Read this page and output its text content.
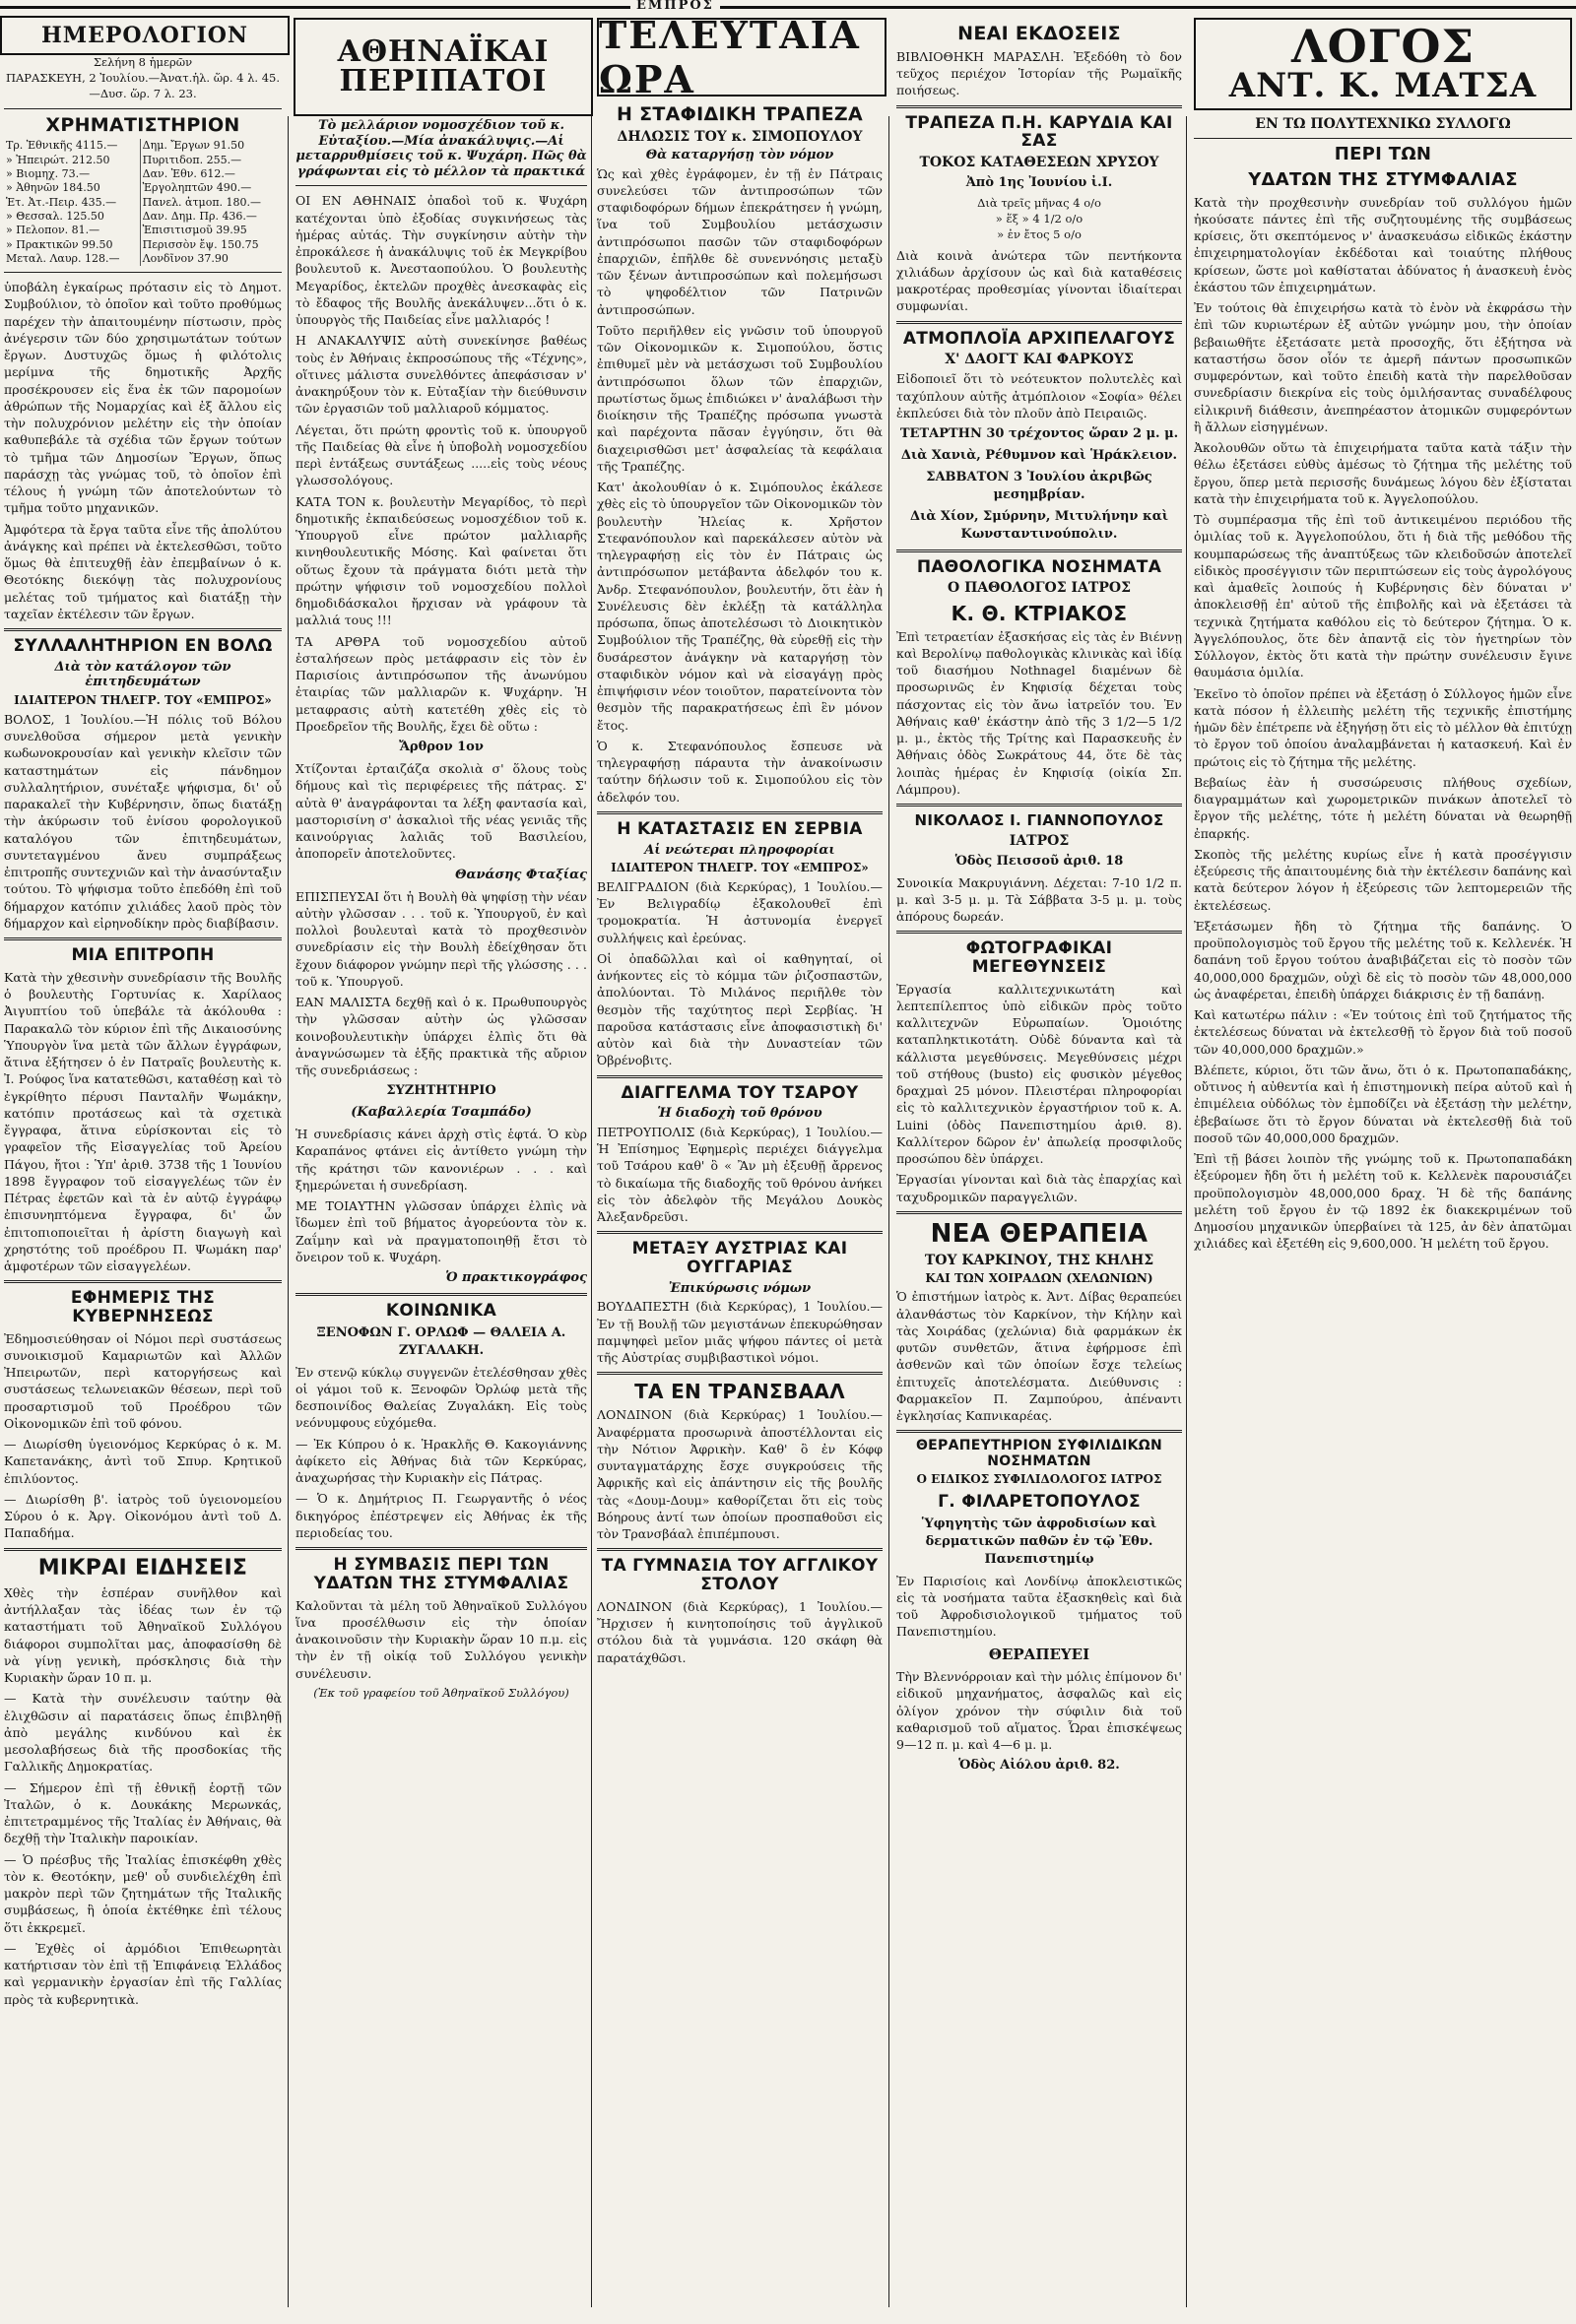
ΕΜΠΡΟΣ
ΗΜΕΡΟΛΟΓΙΟΝ

Σελήνη 8 ἡμερῶν

ΠΑΡΑΣΚΕΥΗ, 2 Ἰουλίου.—Ἀνατ.ἡλ. ὥρ. 4 λ. 45.—Δυσ. ὥρ. 7 λ. 23.

ΧΡΗΜΑΤΙΣΤΗΡΙΟΝ
Τρ. Ἐθνικῆς 4115.—	Δημ. Ἔργων 91.50
» Ἠπειρώτ. 212.50	Πυριτιδοπ. 255.—
» Βιομηχ. 73.—	Δαν. Ἐθν. 612.—
» Ἀθηνῶν 184.50	Ἐργοληπτῶν 490.—
Ἑτ. Ἀτ.-Πειρ. 435.—	Πανελ. ἀτμοπ. 180.—
» Θεσσαλ. 125.50	Δαν. Δημ. Πρ. 436.—
» Πελοπον. 81.—	Ἐπισιτισμοῦ 39.95
» Πρακτικῶν 99.50	Περισσὸν ἔψ. 150.75
Μεταλ. Λαυρ. 128.—	Λονδῖνον 37.90

ὑποβάλη ἐγκαίρως πρότασιν εἰς τὸ Δημοτ. Συμβούλιον, τὸ ὁποῖον καὶ τοῦτο προθύμως παρέχεν τὴν ἀπαιτουμένην πίστωσιν, πρὸς ἀνέγερσιν τῶν δύο χρησιμωτάτων τούτων ἔργων. Δυστυχῶς ὅμως ἡ φιλότολις μερίμνα τῆς δημοτικῆς Ἀρχῆς προσέκρουσεν εἰς ἕνα ἐκ τῶν παρομοίων ἀθρώπων τῆς Νομαρχίας καὶ ἐξ ἄλλου εἰς τὴν πολυχρόνιον μελέτην εἰς τὴν ὁποίαν καθυπεβάλε τὰ σχέδια τῶν ἔργων τούτων τὸ τμῆμα τῶν Δημοσίων Ἔργων, ὅπως παράσχῃ τὰς γνώμας τοῦ, τὸ ὁποῖον ἐπὶ τέλους ἡ γνώμη τῶν ἀποτελούντων τὸ τμῆμα τοῦτο μηχανικῶν.

Ἀμφότερα τὰ ἔργα ταῦτα εἶνε τῆς ἀπολύτου ἀνάγκης καὶ πρέπει νὰ ἐκτελεσθῶσι, τοῦτο ὅμως θὰ ἐπιτευχθῇ ἐὰν ἐπεμβαίνων ὁ κ. Θεοτόκης διεκόψῃ τὰς πολυχρονίους μελέτας τοῦ τμήματος καὶ διατάξῃ τὴν ταχεῖαν ἐκτέλεσιν τῶν ἔργων.

ΣΥΛΛΑΛΗΤΗΡΙΟΝ ΕΝ ΒΟΛΩ
Διὰ τὸν κατάλογον τῶν ἐπιτηδευμάτων
ΙΔΙΑΙΤΕΡΟΝ ΤΗΛΕΓΡ. ΤΟΥ «ΕΜΠΡΟΣ»

ΒΟΛΟΣ, 1 Ἰουλίου.—Ἡ πόλις τοῦ Βόλου συνελθοῦσα σήμερον μετὰ γενικὴν κωδωνοκρουσίαν καὶ γενικὴν κλεῖσιν τῶν καταστημάτων εἰς πάνδημον συλλαλητήριον, συνέταξε ψήφισμα, δι' οὗ παρακαλεῖ τὴν Κυβέρνησιν, ὅπως διατάξῃ τὴν ἀκύρωσιν τοῦ ἐνίσου φορολογικοῦ καταλόγου τῶν ἐπιτηδευμάτων, συντεταγμένου ἄνευ συμπράξεως ἐπιτροπῆς συντεχνιῶν καὶ τὴν ἀνασύνταξιν τούτου. Τὸ ψήφισμα τοῦτο ἐπεδόθη ἐπὶ τοῦ δήμαρχον κατόπιν χιλιάδες λαοῦ πρὸς τὸν δήμαρχον καὶ εἰρηνοδίκην πρὸς διαβίβασιν.

ΜΙΑ ΕΠΙΤΡΟΠΗ

Κατὰ τὴν χθεσινὴν συνεδρίασιν τῆς Βουλῆς ὁ βουλευτὴς Γορτυνίας κ. Χαρίλαος Ἀιγυπτίου τοῦ ὑπεβάλε τὰ ἀκόλουθα : Παρακαλῶ τὸν κύριον ἐπὶ τῆς Δικαιοσύνης Ὑπουργὸν ἵνα μετὰ τῶν ἄλλων ἐγγράφων, ἄτινα ἐξήτησεν ὁ ἐν Πατραῖς βουλευτὴς κ. Ἰ. Ρούφος ἵνα κατατεθῶσι, καταθέσῃ καὶ τὸ ἐγκρίθητο πέρυσι Πανταλῆν Ψωμάκην, κατόπιν προτάσεως καὶ τὰ σχετικὰ ἔγγραφα, ἅτινα εὑρίσκονται εἰς τὸ γραφεῖον τῆς Εἰσαγγελίας τοῦ Ἀρείου Πάγου, ἤτοι : Ὑπ' ἀριθ. 3738 τῆς 1 Ἰουνίου 1898 ἔγγραφον τοῦ εἰσαγγελέως τῶν ἐν Πέτρας ἐφετῶν καὶ τὰ ἐν αὐτῷ ἐγγράφῳ ἐπισυνηπτόμενα ἔγγραφα, δι' ὧν ἐπιτοπιοποιεῖται ἡ ἀρίστη διαγωγὴ καὶ χρηστότης τοῦ προέδρου Π. Ψωμάκη παρ' ἁμφοτέρων τῶν εἰσαγγελέων.

ΕΦΗΜΕΡΙΣ ΤΗΣ ΚΥΒΕΡΝΗΣΕΩΣ

Ἐδημοσιεύθησαν οἱ Νόμοι περὶ συστάσεως συνοικισμοῦ Καμαριωτῶν καὶ Ἀλλῶν Ἠπειρωτῶν, περὶ κατοργήσεως καὶ συστάσεως τελωνειακῶν θέσεων, περὶ τοῦ προσαρτισμοῦ τοῦ Προέδρου τῶν Οἰκονομικῶν ἐπὶ τοῦ φόνου.

— Διωρίσθη ὑγειονόμος Κερκύρας ὁ κ. Μ. Καπετανάκης, ἀντὶ τοῦ Σπυρ. Κρητικοῦ ἐπιλύοντος.

— Διωρίσθη β'. ἰατρὸς τοῦ ὑγειονομείου Σύρου ὁ κ. Ἀργ. Οἰκονόμου ἀντὶ τοῦ Δ. Παπαδήμα.

ΜΙΚΡΑΙ ΕΙΔΗΣΕΙΣ

Χθὲς τὴν ἑσπέραν συνῆλθον καὶ ἀντήλλαξαν τὰς ἰδέας των ἐν τῷ καταστήματι τοῦ Ἀθηναϊκοῦ Συλλόγου διάφοροι συμπολῖται μας, ἀποφασίσθη δὲ νὰ γίνῃ γενικὴ, πρόσκλησις διὰ τὴν Κυριακὴν ὥραν 10 π. μ.

— Κατὰ τὴν συνέλευσιν ταύτην θὰ ἐλιχθῶσιν αἱ παρατάσεις ὅπως ἐπιβληθῇ ἀπὸ μεγάλης κινδύνου καὶ ἐκ μεσολαβήσεως διὰ τῆς προσδοκίας τῆς Γαλλικῆς Δημοκρατίας.

— Σήμερον ἐπὶ τῇ ἐθνικῇ ἑορτῇ τῶν Ἰταλῶν, ὁ κ. Δουκάκης Μερωνκάς, ἐπιτετραμμένος τῆς Ἰταλίας ἐν Ἀθήναις, θὰ δεχθῇ τὴν Ἰταλικὴν παροικίαν.

— Ὁ πρέσβυς τῆς Ἰταλίας ἐπισκέφθη χθὲς τὸν κ. Θεοτόκην, μεθ' οὗ συνδιελέχθη ἐπὶ μακρὸν περὶ τῶν ζητημάτων τῆς Ἰταλικῆς συμβάσεως, ἣ ὁποία ἐκτέθηκε ἐπὶ τέλους ὅτι ἐκκρεμεῖ.

— Ἐχθὲς οἱ ἀρμόδιοι Ἐπιθεωρητὰι κατήρτισαν τὸν ἐπὶ τῇ Ἐπιφάνειᾳ Ἑλλάδος καὶ γερμανικὴν ἐργασίαν ἐπὶ τῆς Γαλλίας πρὸς τὰ κυβερνητικὰ.

ΑΘΗΝΑΪΚΑΙ ΠΕΡΙΠΑΤΟΙ
Τὸ μελλάριον νομοσχέδιον τοῦ κ. Εὐταξίου.—Μία ἀνακάλυψις.—Αἱ μεταρρυθμίσεις τοῦ κ. Ψυχάρη. Πῶς θὰ γράφωνται εἰς τὸ μέλλον τὰ πρακτικά

ΟΙ ΕΝ ΑΘΗΝΑΙΣ ὀπαδοὶ τοῦ κ. Ψυχάρη κατέχονται ὑπὸ ἐξοδίας συγκινήσεως τὰς ἡμέρας αὐτάς. Τὴν συγκίνησιν αὐτὴν τὴν ἐπροκάλεσε ἡ ἀνακάλυψις τοῦ ἐκ Μεγκρίβου βουλευτοῦ κ. Ἀνεσταοπούλου. Ὁ βουλευτὴς Μεγαρίδος, ἐκτελῶν προχθὲς ἀνεσκαφὰς εἰς τὸ ἔδαφος τῆς Βουλῆς ἀνεκάλυψεν...ὅτι ὁ κ. ὑπουργὸς τῆς Παιδείας εἶνε μαλλιαρός !

Η ΑΝΑΚΑΛΥΨΙΣ αὐτὴ συνεκίνησε βαθέως τοὺς ἐν Ἀθήναις ἐκπροσώπους τῆς «Τέχνης», οἵτινες μάλιστα συνελθόντες ἀπεφάσισαν ν' ἀνακηρύξουν τὸν κ. Εὐταξίαν τὴν διεύθυνσιν τῶν ἐργασιῶν τοῦ μαλλιαροῦ κόμματος.

Λέγεται, ὅτι πρώτη φροντὶς τοῦ κ. ὑπουργοῦ τῆς Παιδείας θὰ εἶνε ἡ ὑποβολὴ νομοσχεδίου περὶ ἐντάξεως συντάξεως .....εἰς τοὺς νέους γλωσσολόγους.

ΚΑΤΑ ΤΟΝ κ. βουλευτὴν Μεγαρίδος, τὸ περὶ δημοτικῆς ἐκπαιδεύσεως νομοσχέδιον τοῦ κ. Ὑπουργοῦ εἶνε πρώτον μαλλιαρῆς κινηθουλευτικῆς Μόσης. Καὶ φαίνεται ὅτι οὕτως ἔχουν τὰ πράγματα διότι μετὰ τὴν πρώτην ψήφισιν τοῦ νομοσχεδίου πολλοὶ δημοδιδάσκαλοι ἤρχισαν νὰ γράφουν τὰ μαλλιά τους !!!

ΤΑ ΑΡΘΡΑ τοῦ νομοσχεδίου αὐτοῦ ἐσταλήσεων πρὸς μετάφρασιν εἰς τὸν ἐν Παρισίοις ἀντιπρόσωπον τῆς ἀνωνύμου ἑταιρίας τῶν μαλλιαρῶν κ. Ψυχάρην. Ἡ μεταφρασις αὐτὴ κατετέθη χθὲς εἰς τὸ Προεδρεῖον τῆς Βουλῆς, ἔχει δὲ οὕτω :

Ἄρθρον 1ον

Χτίζονται ἐρταιζάζα σκολιὰ σ' ὅλους τοὺς δήμους καὶ τὶς περιφέρειες τῆς πάτρας. Σ' αὐτὰ θ' ἀναγράφονται τα λέξη φαντασία καὶ, μαστορισίνη σ' ἀσκαλιοὶ τῆς νέας γενιᾶς τῆς καινούργιας λαλιᾶς τοῦ Βασιλείου, ἀποπορεῖν ἀποτελοῦντες.

Θανάσης Φταξίας

ΕΠΙΣΠΕΥΣΑΙ ὅτι ἡ Βουλὴ θὰ ψηφίσῃ τὴν νέαν αὐτὴν γλῶσσαν . . . τοῦ κ. Ὑπουργοῦ, ἐν καὶ πολλοὶ βουλευταὶ κατὰ τὸ προχθεσινὸν συνεδρίασιν εἰς τὴν Βουλὴ ἐδείχθησαν ὅτι ἔχουν διάφορον γνώμην περὶ τῆς γλώσσης . . . τοῦ κ. Ὑπουργοῦ.

ΕΑΝ ΜΑΛΙΣΤΑ δεχθῇ καὶ ὁ κ. Πρωθυπουργὸς τὴν γλῶσσαν αὐτὴν ὡς γλῶσσαν κοινοβουλευτικὴν ὑπάρχει ἐλπὶς ὅτι θὰ ἀναγνώσωμεν τὰ ἑξῆς πρακτικὰ τῆς αὔριον τῆς συνεδριάσεως :

ΣΥΖΗΤΗΤΗΡΙΟ

(Καβαλλερία Τσαμπάδο)

Ἡ συνεδρίασις κάνει ἀρχὴ στὶς ἑφτά. Ὁ κὺρ Καραπάνος φτάνει εἰς ἀντίθετο γνώμη τὴν τῆς κράτησι τῶν κανονιέρων . . . καὶ ξημερώνεται ἡ συνεδρίαση.

ΜΕ ΤΟΙΑΥΤΗΝ γλῶσσαν ὑπάρχει ἐλπὶς νὰ ἴδωμεν ἐπὶ τοῦ βήματος ἀγορεύοντα τὸν κ. Ζαΐμην καὶ νὰ πραγματοποιηθῇ ἔτσι τὸ ὄνειρον τοῦ κ. Ψυχάρη.

Ὁ πρακτικογράφος

ΚΟΙΝΩΝΙΚΑ

ΞΕΝΟΦΩΝ Γ. ΟΡΛΩΦ — ΘΑΛΕΙΑ Α. ΖΥΓΑΛΑΚΗ.

Ἐν στενῷ κύκλῳ συγγενῶν ἐτελέσθησαν χθὲς οἱ γάμοι τοῦ κ. Ξενοφῶν Ὀρλώφ μετὰ τῆς δεσποινίδος Θαλείας Ζυγαλάκη. Εἰς τοὺς νεόνυμφους εὐχόμεθα.

— Ἐκ Κύπρου ὁ κ. Ἡρακλῆς Θ. Κακογιάννης ἀφίκετο εἰς Ἀθήνας διὰ τῶν Κερκύρας, ἀναχωρήσας τὴν Κυριακὴν εἰς Πάτρας.

— Ὁ κ. Δημήτριος Π. Γεωργαντῆς ὁ νέος δικηγόρος ἐπέστρεψεν εἰς Ἀθήνας ἐκ τῆς περιοδείας του.

Η ΣΥΜΒΑΣΙΣ ΠΕΡΙ ΤΩΝ ΥΔΑΤΩΝ ΤΗΣ ΣΤΥΜΦΑΛΙΑΣ

Καλοῦνται τὰ μέλη τοῦ Ἀθηναϊκοῦ Συλλόγου ἵνα προσέλθωσιν εἰς τὴν ὁποίαν ἀνακοινοῦσιν τὴν Κυριακὴν ὥραν 10 π.μ. εἰς τὴν ἐν τῇ οἰκίᾳ τοῦ Συλλόγου γενικὴν συνέλευσιν.

(Ἐκ τοῦ γραφείου τοῦ Ἀθηναϊκοῦ Συλλόγου)

ΤΕΛΕΥΤΑΙΑ ΩΡΑ
Η ΣΤΑΦΙΔΙΚΗ ΤΡΑΠΕΖΑ
ΔΗΛΩΣΙΣ ΤΟΥ κ. ΣΙΜΟΠΟΥΛΟΥ
Θὰ καταργήσῃ τὸν νόμον

Ὡς καὶ χθὲς ἐγράφομεν, ἐν τῇ ἐν Πάτραις συνελεύσει τῶν ἀντιπροσώπων τῶν σταφιδοφόρων δήμων ἐπεκράτησεν ἡ γνώμη, ἵνα τοῦ Συμβουλίου μετάσχωσιν ἀντιπρόσωποι πασῶν τῶν σταφιδοφόρων ἐπαρχιῶν, ἐπῆλθε δὲ συνεννόησις μεταξὺ τῶν ξένων ἀντιπροσώπων καὶ πολεμήσωσι τὸ ψηφοδέλτιον τῶν Πατρινῶν ἀντιπροσώπων.

Τοῦτο περιῆλθεν εἰς γνῶσιν τοῦ ὑπουργοῦ τῶν Οἰκονομικῶν κ. Σιμοπούλου, ὅστις ἐπιθυμεῖ μὲν νὰ μετάσχωσι τοῦ Συμβουλίου ἀντιπρόσωποι ὅλων τῶν ἐπαρχιῶν, πρωτίστως ὅμως ἐπιδιώκει ν' ἀναλάβωσι τὴν διοίκησιν τῆς Τραπέζης πρόσωπα γνωστὰ καὶ παρέχοντα πᾶσαν ἐγγύησιν, ὅτι θὰ διαχειρισθῶσι μετ' ἀσφαλείας τὰ κεφάλαια τῆς Τραπέζης.

Κατ' ἀκολουθίαν ὁ κ. Σιμόπουλος ἐκάλεσε χθὲς εἰς τὸ ὑπουργεῖον τῶν Οἰκονομικῶν τὸν βουλευτὴν Ἠλείας κ. Χρῆστον Στεφανόπουλον καὶ παρεκάλεσεν αὐτὸν νὰ τηλεγραφήσῃ εἰς τὸν ἐν Πάτραις ὡς ἀντιπρόσωπον μετάβαντα ἀδελφόν του κ. Ἀνδρ. Στεφανόπουλον, βουλευτήν, ὅτι ἐὰν ἡ Συνέλευσις δὲν ἐκλέξῃ τὰ κατάλληλα πρόσωπα, ὅπως ἀποτελέσωσι τὸ Διοικητικὸν Συμβούλιον τῆς Τραπέζης, θὰ εὑρεθῇ εἰς τὴν δυσάρεστον ἀνάγκην νὰ καταργήσῃ τὸν σταφιδικὸν νόμον καὶ νὰ εἰσαγάγῃ πρὸς ἐπιψήφισιν νέον τοιοῦτον, παρατείνοντα τὸν θεσμὸν τῆς παρακρατήσεως ἐπὶ ἓν μόνον ἔτος.

Ὁ κ. Στεφανόπουλος ἔσπευσε νὰ τηλεγραφήσῃ πάραυτα τὴν ἀνακοίνωσιν ταύτην δήλωσιν τοῦ κ. Σιμοπούλου εἰς τὸν ἀδελφόν του.

Η ΚΑΤΑΣΤΑΣΙΣ ΕΝ ΣΕΡΒΙΑ
Αἱ νεώτεραι πληροφορίαι
ΙΔΙΑΙΤΕΡΟΝ ΤΗΛΕΓΡ. ΤΟΥ «ΕΜΠΡΟΣ»

ΒΕΛΙΓΡΑΔΙΟΝ (διὰ Κερκύρας), 1 Ἰουλίου.—Ἐν Βελιγραδίῳ ἐξακολουθεῖ ἐπὶ τρομοκρατία. Ἡ ἀστυνομία ἐνεργεῖ συλλήψεις καὶ ἐρεύνας.

Οἱ ὀπαδῶλλαι καὶ οἱ καθηγηταί, οἱ ἀνήκοντες εἰς τὸ κόμμα τῶν ῥιζοσπαστῶν, ἀπολύονται. Τὸ Μιλάνος περιῆλθε τὸν θεσμὸν τῆς ταχύτητος περὶ Σερβίας. Ἡ παροῦσα κατάστασις εἶνε ἀποφασιστικὴ δι' αὐτὸν καὶ διὰ τὴν Δυναστείαν τῶν Ὀβρένοβιτς.

ΔΙΑΓΓΕΛΜΑ ΤΟΥ ΤΣΑΡΟΥ
Ἡ διαδοχὴ τοῦ θρόνου

ΠΕΤΡΟΥΠΟΛΙΣ (διὰ Κερκύρας), 1 Ἰουλίου.—Ἡ Ἐπίσημος Ἐφημερὶς περιέχει διάγγελμα τοῦ Τσάρου καθ' ὃ « Ἂν μὴ ἐξευθῇ ἄρρενος τὸ δικαίωμα τῆς διαδοχῆς τοῦ θρόνου ἀνήκει εἰς τὸν ἀδελφὸν τῆς Μεγάλου Δουκὸς Ἀλεξανδρεῦσι.

ΜΕΤΑΞΥ ΑΥΣΤΡΙΑΣ ΚΑΙ ΟΥΓΓΑΡΙΑΣ
Ἐπικύρωσις νόμων

ΒΟΥΔΑΠΕΣΤΗ (διὰ Κερκύρας), 1 Ἰουλίου.—Ἐν τῇ Βουλῇ τῶν μεγιστάνων ἐπεκυρώθησαν παμψηφεὶ μεῖον μιᾶς ψήφου πάντες οἱ μετὰ τῆς Αὐστρίας συμβιβαστικοὶ νόμοι.

ΤΑ ΕΝ ΤΡΑΝΣΒΑΑΛ

ΛΟΝΔΙΝΟΝ (διὰ Κερκύρας) 1 Ἰουλίου.—Ἀναφέρματα προσωρινὰ ἀποστέλλονται εἰς τὴν Νότιον Ἀφρικὴν. Καθ' ὃ ἐν Κόφφ συνταγματάρχης ἔσχε συγκρούσεις τῆς Ἀφρικῆς καὶ εἰς ἀπάντησιν εἰς τῆς βουλῆς τὰς «Δουμ-Δουμ» καθορίζεται ὅτι εἰς τοὺς Βόηρους ἀντί των ὁποίων προσπαθοῦσι εἰς τὸν Τρανσβάαλ ἐπιπέμπουσι.

ΤΑ ΓΥΜΝΑΣΙΑ ΤΟΥ ΑΓΓΛΙΚΟΥ ΣΤΟΛΟΥ

ΛΟΝΔΙΝΟΝ (διὰ Κερκύρας), 1 Ἰουλίου.—Ἤρχισεν ἡ κινητοποίησις τοῦ ἀγγλικοῦ στόλου διὰ τὰ γυμνάσια. 120 σκάφη θὰ παρατάχθῶσι.

ΝΕΑΙ ΕΚΔΟΣΕΙΣ

ΒΙΒΛΙΟΘΗΚΗ ΜΑΡΑΣΛΗ. Ἐξεδόθη τὸ δον τεῦχος περιέχον Ἱστορίαν τῆς Ρωμαϊκῆς ποιήσεως.

ΤΡΑΠΕΖΑ Π.Η. ΚΑΡΥΔΙΑ ΚΑΙ ΣΑΣ
ΤΟΚΟΣ ΚΑΤΑΘΕΣΕΩΝ ΧΡΥΣΟΥ

Ἀπὸ 1ης Ἰουνίου ἰ.Ι.

Διὰ τρεῖς μῆνας 4 ο/ο

» ἕξ » 4 1/2 ο/ο

» ἐν ἔτος 5 ο/ο

Διὰ κοινὰ ἀνώτερα τῶν πεντήκοντα χιλιάδων ἀρχίσουν ὡς καὶ διὰ καταθέσεις μακροτέρας προθεσμίας γίνονται ἰδιαίτεραι συμφωνίαι.

ΑΤΜΟΠΛΟΪΑ ΑΡΧΙΠΕΛΑΓΟΥΣ
Χ' ΔΑΟΓΤ ΚΑΙ ΦΑΡΚΟΥΣ

Εἰδοποιεῖ ὅτι τὸ νεότευκτον πολυτελὲς καὶ ταχύπλουν αὐτῆς ἀτμόπλοιον «Σοφία» θέλει ἐκπλεύσει διὰ τὸν πλοῦν ἀπὸ Πειραιῶς.

ΤΕΤΑΡΤΗΝ 30 τρέχοντος ὥραν 2 μ. μ.

Διὰ Χανιὰ, Ρέθυμνον καὶ Ἡράκλειον.

ΣΑΒΒΑΤΟΝ 3 Ἰουλίου ἀκριβῶς μεσημβρίαν.

Διὰ Χίον, Σμύρνην, Μιτυλήνην καὶ Κωνσταντινούπολιν.

ΠΑΘΟΛΟΓΙΚΑ ΝΟΣΗΜΑΤΑ
Ο ΠΑΘΟΛΟΓΟΣ ΙΑΤΡΟΣ
Κ. Θ. ΚΤΡΙΑΚΟΣ

Ἐπὶ τετραετίαν ἐξασκήσας εἰς τὰς ἐν Βιέννῃ καὶ Βερολίνῳ παθολογικὰς κλινικὰς καὶ ἰδίᾳ τοῦ διασήμου Nothnagel διαμένων δὲ προσωρινῶς ἐν Κηφισίᾳ δέχεται τοὺς πάσχοντας εἰς τὸν ἄνω ἰατρεῖόν του. Ἐν Ἀθήναις καθ' ἑκάστην ἀπὸ τῆς 3 1/2—5 1/2 μ. μ., ἐκτὸς τῆς Τρίτης καὶ Παρασκευῆς ἐν Ἀθήναις ὁδὸς Σωκράτους 44, ὅτε δὲ τὰς λοιπὰς ἡμέρας ἐν Κηφισίᾳ (οἰκία Σπ. Λάμπρου).

ΝΙΚΟΛΑΟΣ Ι. ΓΙΑΝΝΟΠΟΥΛΟΣ
ΙΑΤΡΟΣ

Ὁδὸς Πεισσοῦ ἀριθ. 18

Συνοικία Μακρυγιάννη. Δέχεται: 7-10 1/2 π. μ. καὶ 3-5 μ. μ. Τὰ Σάββατα 3-5 μ. μ. τοὺς ἀπόρους δωρεάν.

ΦΩΤΟΓΡΑΦΙΚΑΙ ΜΕΓΕΘΥΝΣΕΙΣ

Ἐργασία καλλιτεχνικωτάτη καὶ λεπτεπίλεπτος ὑπὸ εἰδικῶν πρὸς τοῦτο καλλιτεχνῶν Εὐρωπαίων. Ὁμοιότης καταπληκτικοτάτη. Οὐδὲ δύναντα καὶ τὰ κάλλιστα μεγεθύνσεις. Μεγεθύνσεις μέχρι τοῦ στήθους (busto) εἰς φυσικὸν μέγεθος δραχμαὶ 25 μόνον. Πλειστέραι πληροφορίαι εἰς τὸ καλλιτεχνικὸν ἐργαστήριον τοῦ κ. Α. Luini (ὁδὸς Πανεπιστημίου ἀριθ. 8). Καλλίτερον δῶρον ἐν' ἀπωλείᾳ προσφιλοῦς προσώπου δὲν ὑπάρχει.

Ἐργασίαι γίνονται καὶ διὰ τὰς ἐπαρχίας καὶ ταχυδρομικῶν παραγγελιῶν.

ΝΕΑ ΘΕΡΑΠΕΙΑ
ΤΟΥ ΚΑΡΚΙΝΟΥ, ΤΗΣ ΚΗΛΗΣ
ΚΑΙ ΤΩΝ ΧΟΙΡΑΔΩΝ (ΧΕΛΩΝΙΩΝ)

Ὁ ἐπιστήμων ἰατρὸς κ. Ἀντ. Δίβας θεραπεύει ἀλανθάστως τὸν Καρκίνον, τὴν Κήλην καὶ τὰς Χοιράδας (χελώνια) διὰ φαρμάκων ἐκ φυτῶν συνθετῶν, ἅτινα ἐφήρμοσε ἐπὶ ἀσθενῶν καὶ τῶν ὁποίων ἔσχε τελείως ἐπιτυχεῖς ἀποτελέσματα. Διεύθυνσις : Φαρμακεῖον Π. Ζαμπούρου, ἀπέναντι ἐγκλησίας Καπνικαρέας.

ΘΕΡΑΠΕΥΤΗΡΙΟΝ ΣΥΦΙΛΙΔΙΚΩΝ ΝΟΣΗΜΑΤΩΝ
Ο ΕΙΔΙΚΟΣ ΣΥΦΙΛΙΔΟΛΟΓΟΣ ΙΑΤΡΟΣ
Γ. ΦΙΛΑΡΕΤΟΠΟΥΛΟΣ

Ὑφηγητὴς τῶν ἀφροδισίων καὶ δερματικῶν παθῶν ἐν τῷ Ἐθν. Πανεπιστημίῳ

Ἐν Παρισίοις καὶ Λονδίνῳ ἀποκλειστικῶς εἰς τὰ νοσήματα ταῦτα ἐξασκηθεὶς καὶ διὰ τοῦ Ἀφροδισιολογικοῦ τμήματος τοῦ Πανεπιστημίου.

ΘΕΡΑΠΕΥΕΙ

Τὴν Βλεννόρροιαν καὶ τὴν μόλις ἐπίμονον δι' εἰδικοῦ μηχανήματος, ἀσφαλῶς καὶ εἰς ὀλίγον χρόνον τὴν σύφιλιν διὰ τοῦ καθαρισμοῦ τοῦ αἵματος. Ὧραι ἐπισκέψεως 9—12 π. μ. καὶ 4—6 μ. μ.

Ὁδὸς Αἰόλου ἀριθ. 82.

ΛΟΓΟΣ

ΑΝΤ. Κ. ΜΑΤΣΑ

ΕΝ ΤΩ ΠΟΛΥΤΕΧΝΙΚΩ ΣΥΛΛΟΓΩ
ΠΕΡΙ ΤΩΝ
ΥΔΑΤΩΝ ΤΗΣ ΣΤΥΜΦΑΛΙΑΣ

Κατὰ τὴν προχθεσινὴν συνεδρίαν τοῦ συλλόγου ἡμῶν ἠκούσατε πάντες ἐπὶ τῆς συζητουμένης τῆς συμβάσεως κρίσεις, ὅτι σκεπτόμενος ν' ἀνασκευάσω εἰδικῶς ἑκάστην ἐπιχειρηματολογίαν ἐκδέδοται καὶ τοιαύτης πλήθους κρίσεων, ὥστε μοὶ καθίσταται ἀδύνατος ἡ ἀνασκευὴ ἑνὸς ἑκάστου τῶν ἐπιχειρημάτων.

Ἐν τούτοις θὰ ἐπιχειρήσω κατὰ τὸ ἐνὸν νὰ ἐκφράσω τὴν ἐπὶ τῶν κυριωτέρων ἐξ αὐτῶν γνώμην μου, τὴν ὁποίαν βεβαιωθῆτε ἐξετάσατε μετὰ προσοχῆς, ὅτι ἐξήτησα νὰ καταστήσω ὅσον οἷόν τε ἀμερῆ πάντων προσωπικῶν συμφερόντων, καὶ τοῦτο ἐπειδὴ κατὰ τὴν παρελθοῦσαν συνεδρίασιν διεκρίνα εἰς τοὺς ὁμιλήσαντας συναδέλφους εἰλικρινῆ διάθεσιν, ἀνεπηρέαστον ἀτομικῶν συμφερόντων ἢ ἄλλων εἰσηγμένων.

Ἀκολουθῶν οὕτω τὰ ἐπιχειρήματα ταῦτα κατὰ τάξιν τὴν θέλω ἐξετάσει εὐθὺς ἀμέσως τὸ ζήτημα τῆς μελέτης τοῦ ἔργου, ὅπερ μετὰ περισσῆς δυνάμεως λόγου δὲν ἐξίσταται κατὰ τὴν ἐπιχειρήματα τοῦ κ. Ἀγγελοπούλου.

Τὸ συμπέρασμα τῆς ἐπὶ τοῦ ἀντικειμένου περιόδου τῆς ὁμιλίας τοῦ κ. Ἀγγελοπούλου, ὅτι ἡ διὰ τῆς μεθόδου τῆς κουμπαρώσεως τῆς ἀναπτύξεως τῶν κλειδοῦσών ἀποτελεῖ εἰδικὸς προσέγγισιν τῶν περιπτώσεων εἰς τοὺς ἀγρολόγους καὶ ἀμαθεῖς λοιπούς ἡ Κυβέρνησις δὲν δύναται ν' ἀποκλεισθῇ ἐπ' αὐτοῦ τῆς ἐπιβολῆς καὶ νὰ ἐξετάσει τὰ τεχνικὰ ζητήματα καθόλου εἰς τὸ δεύτερον ζήτημα. Ὁ κ. Ἀγγελόπουλος, ὅτε δὲν ἀπαντᾷ εἰς τὸν ἡγετηρίων τὸν Σύλλογον, ἐκτὸς ὅτι κατὰ τὴν πρώτην συνέλευσιν ἔγινε θαυμάσια ὁμιλία.

Ἐκεῖνο τὸ ὁποῖον πρέπει νὰ ἐξετάσῃ ὁ Σύλλογος ἡμῶν εἶνε κατὰ πόσον ἡ ἐλλειπὴς μελέτη τῆς τεχνικῆς ἐπιστήμης ἡμῶν δὲν ἐπέτρεπε νὰ ἐξηγήσῃ ὅτι εἰς τὸ μέλλον θὰ ἐπιτύχῃ τὸ ἔργον τοῦ ὁποίου ἀναλαμβάνεται ἡ κατασκευή. Καὶ ἐν πρώτοις εἰς τὸ ζήτημα τῆς μελέτης.

Βεβαίως ἐὰν ἡ συσσώρευσις πλήθους σχεδίων, διαγραμμάτων καὶ χωρομετρικῶν πινάκων ἀποτελεῖ τὸ ἔργον τῆς μελέτης, τότε ἡ μελέτη δύναται νὰ θεωρηθῇ ἐπαρκής.

Σκοπὸς τῆς μελέτης κυρίως εἶνε ἡ κατὰ προσέγγισιν ἐξεύρεσις τῆς ἀπαιτουμένης διὰ τὴν ἐκτέλεσιν δαπάνης καὶ κατὰ δεύτερον λόγον ἡ ἐξεύρεσις τῶν λεπτομερειῶν τῆς ἐκτελέσεως.

Ἐξετάσωμεν ἤδη τὸ ζήτημα τῆς δαπάνης. Ὁ προϋπολογισμὸς τοῦ ἔργου τῆς μελέτης τοῦ κ. Κελλενέκ. Ἡ δαπάνη τοῦ ἔργου τούτου ἀναβιβάζεται εἰς τὸ ποσὸν τῶν 40,000,000 δραχμῶν, οὐχὶ δὲ εἰς τὸ ποσὸν τῶν 48,000,000 ὡς ἀναφέρεται, ἐπειδὴ ὑπάρχει διάκρισις ἐν τῇ δαπάνῃ.

Καὶ κατωτέρω πάλιν : «Ἐν τούτοις ἐπὶ τοῦ ζητήματος τῆς ἐκτελέσεως δύναται νὰ ἐκτελεσθῇ τὸ ἔργον διὰ τοῦ ποσοῦ τῶν 40,000,000 δραχμῶν.»

Βλέπετε, κύριοι, ὅτι τῶν ἄνω, ὅτι ὁ κ. Πρωτοπαπαδάκης, οὔτινος ἡ αὐθεντία καὶ ἡ ἐπιστημονικὴ πείρα αὐτοῦ καὶ ἡ ἐπιμέλεια οὐδόλως τὸν ἐμποδίζει νὰ ἐξετάσῃ τὴν μελέτην, ἐβεβαίωσε ὅτι τὸ ἔργον δύναται νὰ ἐκτελεσθῇ διὰ τοῦ ποσοῦ τῶν 40,000,000 δραχμῶν.

Ἐπὶ τῇ βάσει λοιπὸν τῆς γνώμης τοῦ κ. Πρωτοπαπαδάκη ἐξεύρομεν ἤδη ὅτι ἡ μελέτη τοῦ κ. Κελλενὲκ παρουσιάζει προϋπολογισμὸν 48,000,000 δραχ. Ἡ δὲ τῆς δαπάνης μελέτη τοῦ ἔργου ἐν τῷ 1892 ἐκ διακεκριμένων τοῦ Δημοσίου μηχανικῶν ὑπερβαίνει τὰ 125, ἀν δὲν ἀπατῶμαι χιλιάδες καὶ ἐξετέθη εἰς 9,600,000. Ἡ μελέτη τοῦ ἔργου.
